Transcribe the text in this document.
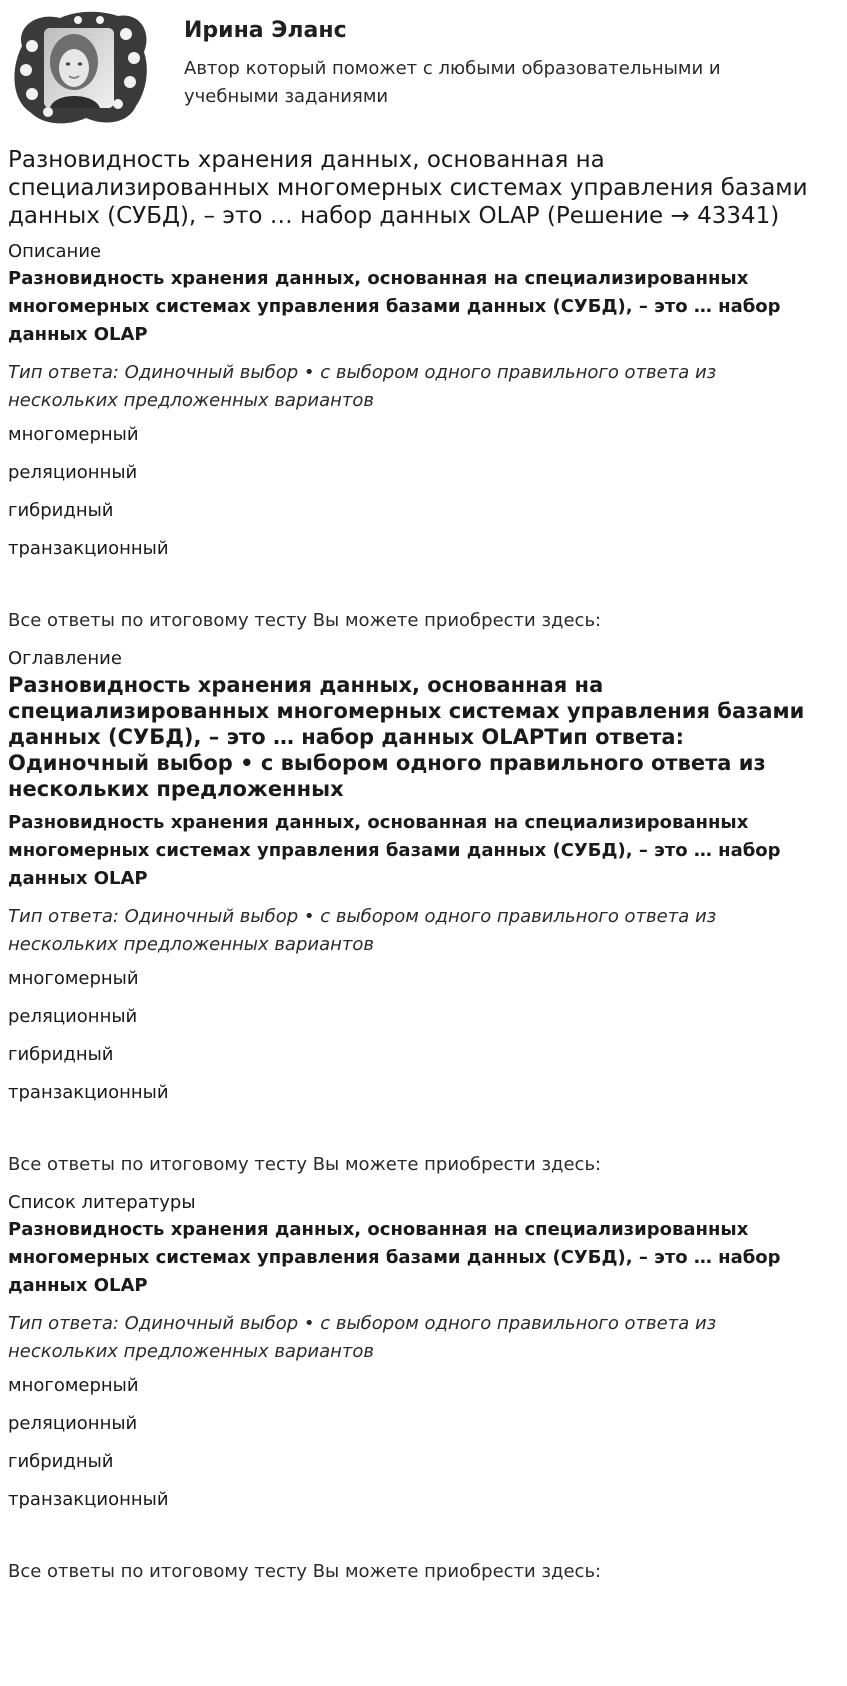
Ирина Эланс

Автор который поможет с любыми образовательными и учебными заданиями

Разновидность хранения данных, основанная на специализированных многомерных системах управления базами данных (СУБД), – это … набор данных OLAP (Решение → 43341)

Описание

Разновидность хранения данных, основанная на специализированных многомерных системах управления базами данных (СУБД), – это … набор данных OLAP

Тип ответа: Одиночный выбор • с выбором одного правильного ответа из нескольких предложенных вариантов

многомерный
реляционный
гибридный
транзакционный

Все ответы по итоговому тесту Вы можете приобрести здесь:

Оглавление

Разновидность хранения данных, основанная на специализированных многомерных системах управления базами данных (СУБД), – это … набор данных OLAPТип ответа: Одиночный выбор • с выбором одного правильного ответа из нескольких предложенных

Разновидность хранения данных, основанная на специализированных многомерных системах управления базами данных (СУБД), – это … набор данных OLAP

Тип ответа: Одиночный выбор • с выбором одного правильного ответа из нескольких предложенных вариантов

многомерный
реляционный
гибридный
транзакционный

Все ответы по итоговому тесту Вы можете приобрести здесь:

Список литературы

Разновидность хранения данных, основанная на специализированных многомерных системах управления базами данных (СУБД), – это … набор данных OLAP

Тип ответа: Одиночный выбор • с выбором одного правильного ответа из нескольких предложенных вариантов

многомерный
реляционный
гибридный
транзакционный

Все ответы по итоговому тесту Вы можете приобрести здесь:
